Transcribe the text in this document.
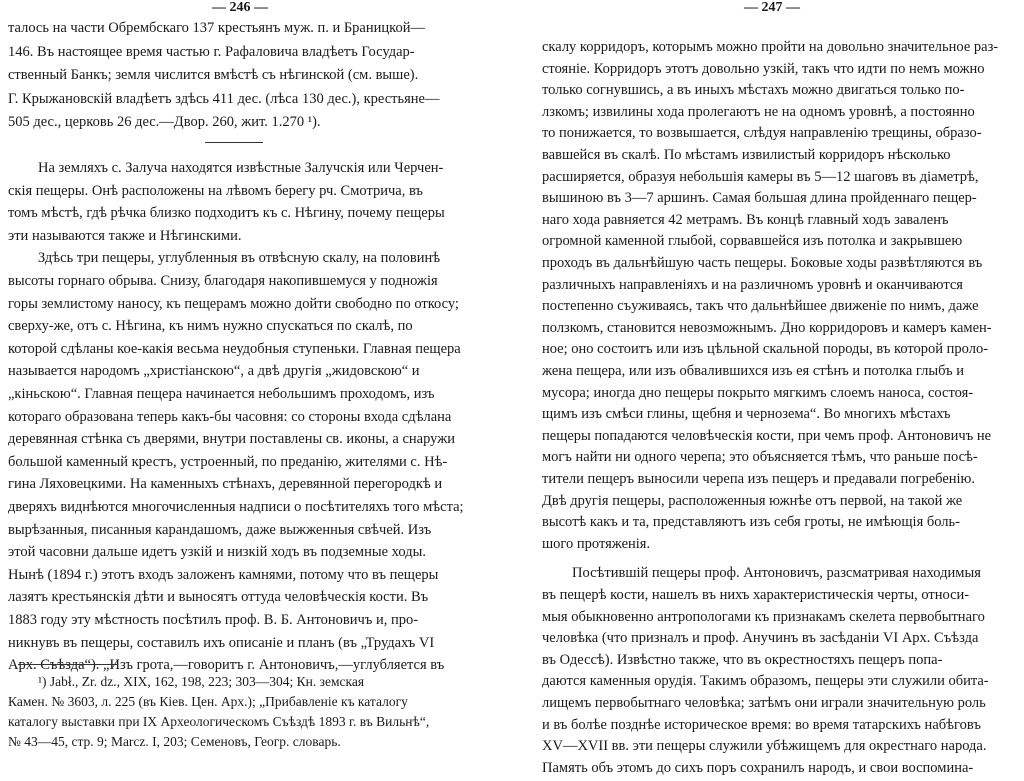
— 246 —
талось на части Обрембскаго 137 крестьянъ муж. п. и Браницкой—
146. Въ настоящее время частью г. Рафаловича владѣетъ Государ-
ственный Банкъ; земля числится вмѣстѣ съ нѣгинской (см. выше).
Г. Крыжановскій владѣетъ здѣсь 411 дес. (лѣса 130 дес.), крестьяне—
505 дес., церковь 26 дес.—Двор. 260, жит. 1.270 ¹).
На земляхъ с. Залуча находятся извѣстные Залучскія или Черчен-
скія пещеры. Онѣ расположены на лѣвомъ берегу рч. Смотрича, въ
томъ мѣстѣ, гдѣ рѣчка близко подходитъ къ с. Нѣгину, почему пещеры
эти называются также и Нѣгинскими.
Здѣсь три пещеры, углубленныя въ отвѣсную скалу, на половинѣ
высоты горнаго обрыва. Снизу, благодаря накопившемуся у подножія
горы землистому наносу, къ пещерамъ можно дойти свободно по откосу;
сверху-же, отъ с. Нѣгина, къ нимъ нужно спускаться по скалѣ, по
которой сдѣланы кое-какія весьма неудобныя ступеньки. Главная пещера
называется народомъ „христіанскою“, а двѣ другія „жидовскою“ и
„кіньскою“. Главная пещера начинается небольшимъ проходомъ, изъ
котораго образована теперь какъ-бы часовня: со стороны входа сдѣлана
деревянная стѣнка съ дверями, внутри поставлены св. иконы, а снаружи
большой каменный крестъ, устроенный, по преданію, жителями с. Нѣ-
гина Ляховецкими. На каменныхъ стѣнахъ, деревянной перегородкѣ и
дверяхъ виднѣются многочисленныя надписи о посѣтителяхъ того мѣста;
вырѣзанныя, писанныя карандашомъ, даже выжженныя свѣчей. Изъ
этой часовни дальше идетъ узкій и низкій ходъ въ подземные ходы.
Нынѣ (1894 г.) этотъ входъ заложенъ камнями, потому что въ пещеры
лазятъ крестьянскія дѣти и выносятъ оттуда человѣческія кости. Въ
1883 году эту мѣстность посѣтилъ проф. В. Б. Антоновичъ и, про-
никнувъ въ пещеры, составилъ ихъ описаніе и планъ (въ „Трудахъ VI
Арх. Съѣзда“). „Изъ грота,—говоритъ г. Антоновичъ,—углубляется въ
¹) Jabł., Zr. dz., XIX, 162, 198, 223; 303—304; Кн. земская
Камен. № 3603, л. 225 (въ Кіев. Цен. Арх.); „Прибавленіе къ каталогу
каталогу выставки при IX Археологическомъ Съѣздѣ 1893 г. въ Вильнѣ“,
№ 43—45, стр. 9; Marcz. I, 203; Семеновъ, Геогр. словарь.
— 247 —
скалу корридоръ, которымъ можно пройти на довольно значительное раз-
стояніе. Корридоръ этотъ довольно узкій, такъ что идти по немъ можно
только согнувшись, а въ иныхъ мѣстахъ можно двигаться только по-
лзкомъ; извилины хода пролегаютъ не на одномъ уровнѣ, а постоянно
то понижается, то возвышается, слѣдуя направленію трещины, образо-
вавшейся въ скалѣ. По мѣстамъ извилистый корридоръ нѣсколько
расширяется, образуя небольшія камеры въ 5—12 шаговъ въ діаметрѣ,
вышиною въ 3—7 аршинъ. Самая большая длина пройденнаго пещер-
наго хода равняется 42 метрамъ. Въ концѣ главный ходъ заваленъ
огромной каменной глыбой, сорвавшейся изъ потолка и закрывшею
проходъ въ дальнѣйшую часть пещеры. Боковые ходы развѣтляются въ
различныхъ направленіяхъ и на различномъ уровнѣ и оканчиваются
постепенно съуживаясь, такъ что дальнѣйшее движеніе по нимъ, даже
ползкомъ, становится невозможнымъ. Дно корридоровъ и камеръ камен-
ное; оно состоитъ или изъ цѣльной скальной породы, въ которой пролo-
жена пещера, или изъ обвалившихся изъ ея стѣнъ и потолка глыбъ и
мусора; иногда дно пещеры покрыто мягкимъ слоемъ наноса, состоя-
щимъ изъ смѣси глины, щебня и чернозема“. Во многихъ мѣстахъ
пещеры попадаются человѣческія кости, при чемъ проф. Антоновичъ не
могъ найти ни одного черепа; это объясняется тѣмъ, что раньше посѣ-
тители пещеръ выносили черепа изъ пещеръ и предавали погребенію.
Двѣ другія пещеры, расположенныя южнѣе отъ первой, на такой же
высотѣ какъ и та, представляютъ изъ себя гроты, не имѣющія боль-
шого протяженія.
Посѣтившій пещеры проф. Антоновичъ, разсматривая находимыя
въ пещерѣ кости, нашелъ въ нихъ характеристическія черты, относи-
мыя обыкновенно антропологами къ признакамъ скелета первобытнаго
человѣка (что призналъ и проф. Анучинъ въ засѣданіи VI Арх. Съѣзда
въ Одессѣ). Извѣстно также, что въ окрестностяхъ пещеръ попа-
даются каменныя орудія. Такимъ образомъ, пещеры эти служили обита-
лищемъ первобытнаго человѣка; затѣмъ они играли значительную роль
и въ болѣе позднѣе историческое время: во время татарскихъ набѣговъ
XV—XVII вв. эти пещеры служили убѣжищемъ для окрестнаго народа.
Память объ этомъ до сихъ поръ сохранилъ народъ, и свои воспомина-
